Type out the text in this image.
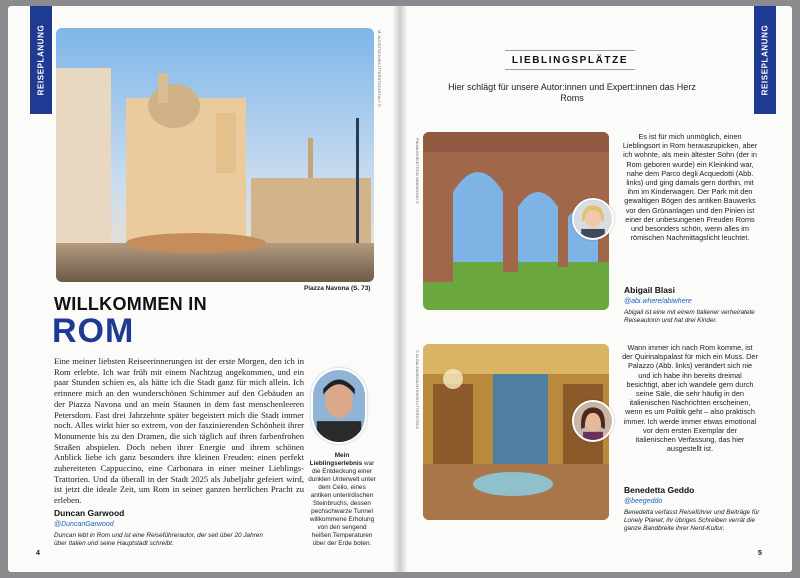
REISEPLANUNG	M. ALF/STOCK/SHUTTERSTOCK/ITALY ©
Piazza Navona (S. 73)
WILLKOMMEN IN
ROM
Eine meiner liebsten Reiseerinnerungen ist der erste Morgen, den ich in Rom erlebte. Ich war früh mit einem Nachtzug angekommen, und ein paar Stunden schien es, als hätte ich die Stadt ganz für mich allein. Ich erinnere mich an den wunderschönen Schimmer auf den Gebäuden an der Piazza Navona und an mein Staunen in dem fast menschenleeren Petersdom. Fast drei Jahrzehnte später begeistert mich die Stadt immer noch. Alles wirkt hier so extrem, von der faszinierenden Schönheit ihrer Monumente bis zu den Dramen, die sich täglich auf ihren farbenfrohen Straßen abspielen. Doch neben ihrer Energie und ihrem schönen Anblick liebe ich ganz besonders ihre kleinen Freuden: einen perfekt zubereiteten Cappuccino, eine Carbonara in einer meiner Lieblings-Trattorien. Und da überall in der Stadt 2025 als Jubeljahr gefeiert wird, ist jetzt die ideale Zeit, um Rom in seiner ganzen herrlichen Pracht zu erleben.
Duncan Garwood
@DuncanGarwood
Duncan lebt in Rom und ist eine Reiseführerautor, der seit über 20 Jahren über Italien und seine Hauptstadt schreibt.
Mein Lieblingserlebnis war die Entdeckung einer dunklen Unterwelt unter dem Celio, eines antiken unterirdischen Steinbruchs, dessen pechschwarze Tunnel willkommene Erholung von den sengend heißen Temperaturen über der Erde boten.
4
REISEPLANUNG
LIEBLINGSPLÄTZE
Hier schlägt für unsere Autor:innen und Expert:innen das Herz Roms
PIAMAGGIE/STOCK/ ABANDONS ©
Es ist für mich unmöglich, einen Lieblingsort in Rom herauszupicken, aber ich wohnte, als mein ältester Sohn (der in Rom geboren wurde) ein Kleinkind war, nahe dem Parco degli Acquedotti (Abb. links) und ging damals gern dorthin, mit ihm im Kinderwagen. Der Park mit den gewaltigen Bögen des antiken Bauwerks vor den Grünanlagen und den Pinien ist einer der unbesungenen Freuden Roms und besonders schön, wenn alles im römischen Nachmittagslicht leuchtet.
Abigail Blasi
@abi.where/abiwhere
Abigail ist eine mit einem Italiener verheiratete Reiseautorin und hat drei Kinder.
© ALINA ZAMOGILNYKH/SHUTTERSTOCK
Wann immer ich nach Rom komme, ist der Quirinalspalast für mich ein Muss. Der Palazzo (Abb. links) verändert sich nie und ich habe ihn bereits dreimal besichtigt, aber ich wandele gern durch seine Säle, die sehr häufig in den italienischen Nachrichten erscheinen, wenn es um Politik geht – also praktisch immer. Ich werde immer etwas emotional vor dem ersten Exemplar der italienischen Verfassung, das hier ausgestellt ist.
Benedetta Geddo
@beegeddo
Benedetta verfasst Reiseführer und Beiträge für Lonely Planet; ihr übriges Schreiben verrät die ganze Bandbreite ihrer Nerd-Kultur.
5
